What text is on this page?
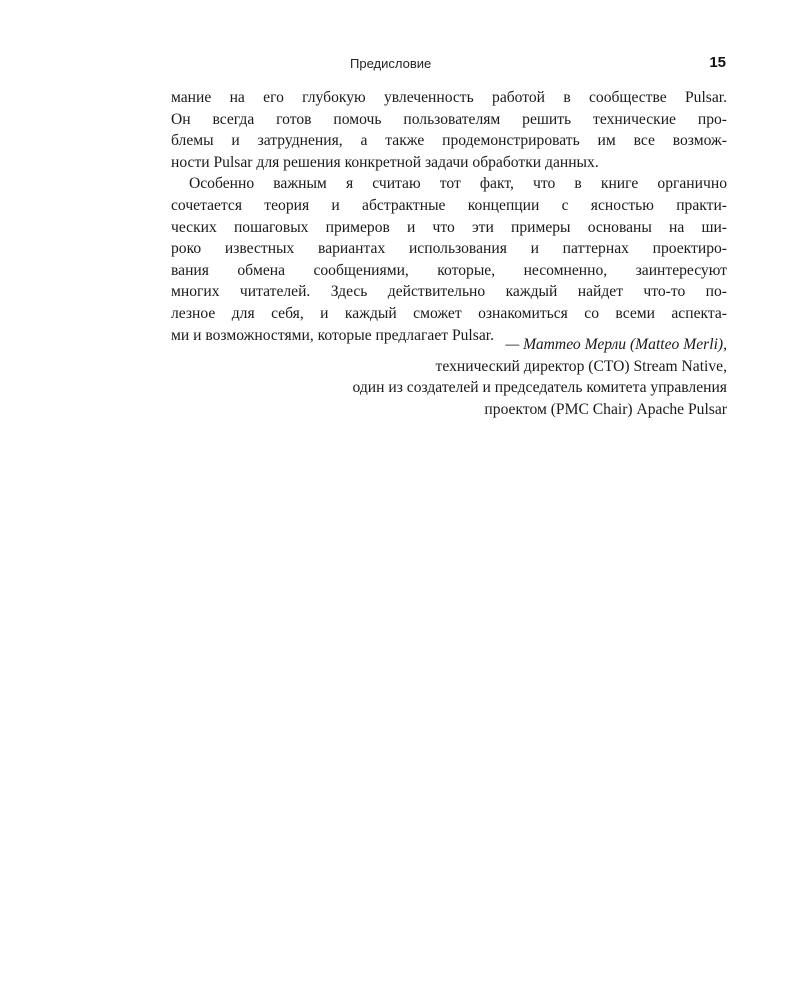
Предисловие	15
мание на его глубокую увлеченность работой в сообществе Pulsar.
Он всегда готов помочь пользователям решить технические про-
блемы и затруднения, а также продемонстрировать им все возмож-
ности Pulsar для решения конкретной задачи обработки данных.
Особенно важным я считаю тот факт, что в книге органично
сочетается теория и абстрактные концепции с ясностью практи-
ческих пошаговых примеров и что эти примеры основаны на ши-
роко известных вариантах использования и паттернах проектиро-
вания обмена сообщениями, которые, несомненно, заинтересуют
многих читателей. Здесь действительно каждый найдет что-то по-
лезное для себя, и каждый сможет ознакомиться со всеми аспекта-
ми и возможностями, которые предлагает Pulsar.
— Маттео Мерли (Matteo Merli),
технический директор (CTO) Stream Native,
один из создателей и председатель комитета управления
проектом (PMC Chair) Apache Pulsar
